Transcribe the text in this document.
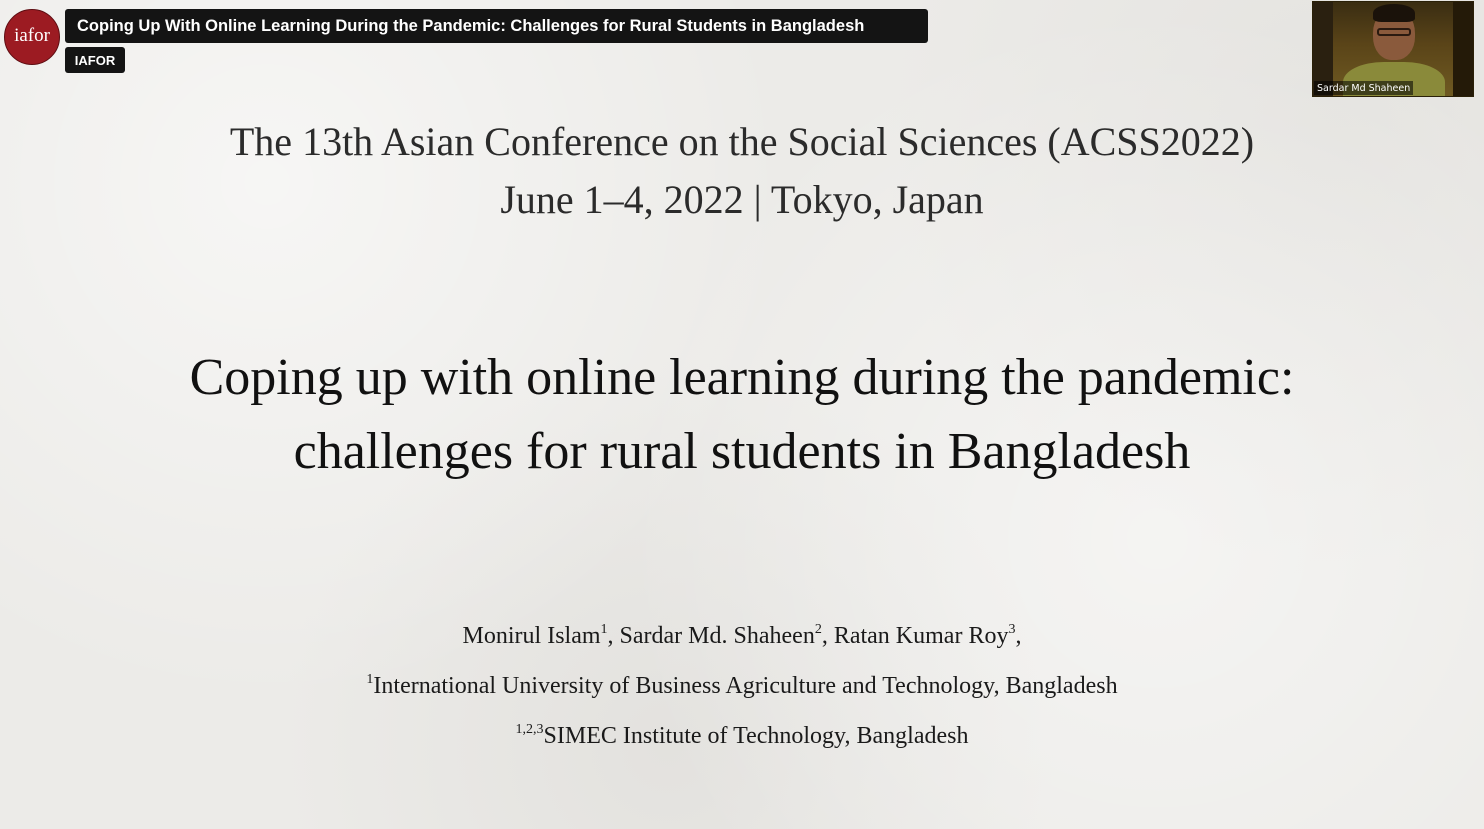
iafor Coping Up With Online Learning During the Pandemic: Challenges for Rural Students in Bangladesh
IAFOR
Sardar Md Shaheen
The 13th Asian Conference on the Social Sciences (ACSS2022)
June 1–4, 2022 | Tokyo, Japan
Coping up with online learning during the pandemic:
challenges for rural students in Bangladesh
Monirul Islam$^1$, Sardar Md. Shaheen$^2$, Ratan Kumar Roy$^3$,
$^1$International University of Business Agriculture and Technology, Bangladesh
$^{1,2,3}$SIMEC Institute of Technology, Bangladesh
